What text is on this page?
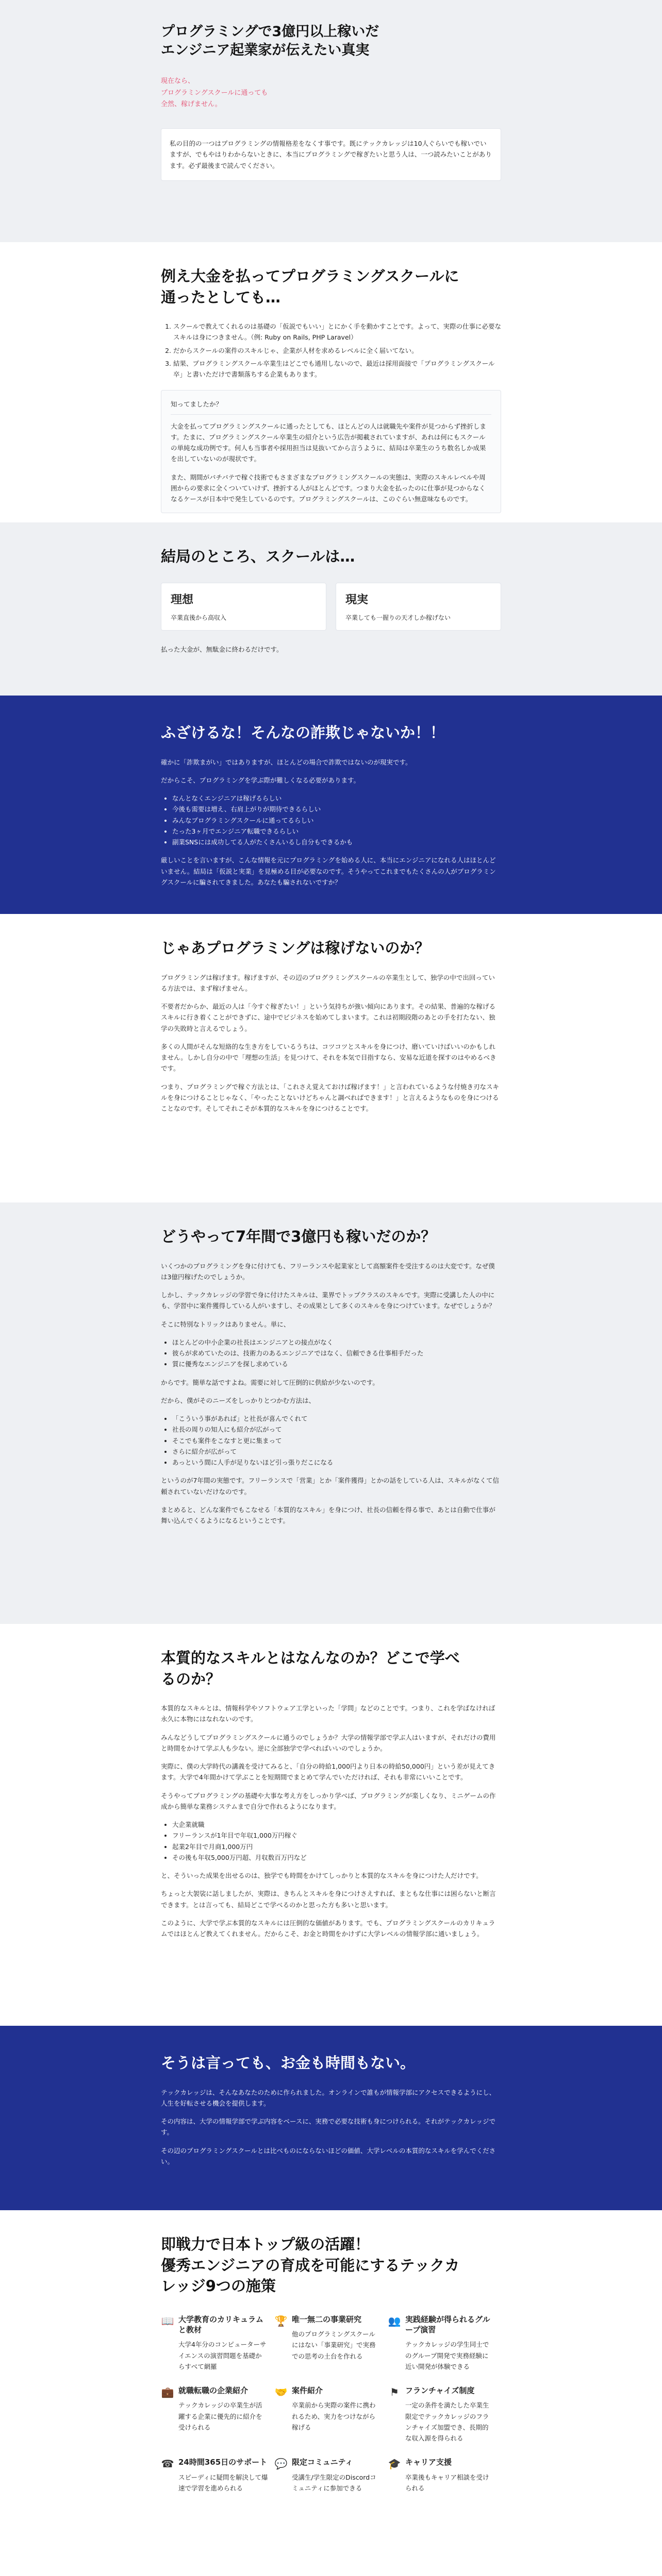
プログラミングで3億円以上稼いだ
エンジニア起業家が伝えたい真実
現在なら、
プログラミングスクールに通っても
全然、稼げません。
私の目的の一つはプログラミングの情報格差をなくす事です。既にテックカレッジは10人ぐらいでも稼いでいますが、でもやはりわからないときに、本当にプログラミングで稼ぎたいと思う人は、一つ読みたいことがあります。必ず最後まで読んでください。
例え大金を払ってプログラミングスクールに
通ったとしても…
1. スクールで教えてくれるのは基礎の「仮説でもいい」とにかく手を動かすことです。よって、実際の仕事に必要なスキルは身につきません。（例: Ruby on Rails, PHP Laravel）
2. だからスクールの案件のスキルじゃ、企業が人材を求めるレベルに全く届いてない。
3. 結果、プログラミングスクール卒業生はどこでも通用しないので、最近は採用面接で「プログラミングスクール卒」と書いただけで書類落ちする企業もあります。
知ってましたか？

大金を払ってプログラミングスクールに通ったとしても、ほとんどの人は就職先や案件が見つからず挫折します。たまに、プログラミングスクール卒業生の紹介という広告が掲載されていますが、あれは何にもスクールの単純な成功例です。何人も当事者や採用担当は見抜いてから言うように、結局は卒業生のうち数名しか成果を出していないのが現状です。

また、期間がバチバテで稼ぐ技術でもさまざまなプログラミングスクールの実態は、実際のスキルレベルや周囲からの要求に全くついていけず、挫折する人がほとんどです。つまり大金を払ったのに仕事が見つからなくなるケースが日本中で発生しているのです。プログラミングスクールは、このぐらい無意味なものです。

結局のところ、スクールは…
理想
卒業直後から高収入
現実
卒業しても一握りの天才しか稼げない

払った大金が、無駄金に終わるだけです。

ふざけるな！そんなの詐欺じゃないか！！

確かに「詐欺まがい」ではありますが、ほとんどの場合で詐欺ではないのが現実です。

だからこそ、プログラミングを学ぶ際が難しくなる必要があります。

• なんとなくエンジニアは稼げるらしい
• 今後も需要は増え、右肩上がりが期待できるらしい
• みんなプログラミングスクールに通ってるらしい
• たった3ヶ月でエンジニア転職できるらしい
• 副業SNSには成功してる人がたくさんいるし自分もできるかも

厳しいことを言いますが、こんな情報を元にプログラミングを始める人に、本当にエンジニアになれる人はほとんどいません。結局は「仮説と実業」を見極める目が必要なのです。そうやってこれまでもたくさんの人がプログラミングスクールに騙されてきました。あなたも騙されないですか？

じゃあプログラミングは稼げないのか？

プログラミングは稼げます。稼げますが、その辺のプログラミングスクールの卒業生として、独学の中で出回っている方法では、まず稼げません。

不要者だからか、最近の人は「今すぐ稼ぎたい！」という気持ちが強い傾向にあります。その結果、普遍的な稼げるスキルに行き着くことができずに、途中でビジネスを始めてしまいます。これは初期段階のあとの手を打たない、独学の失敗時と言えるでしょう。

多くの人間がそんな短絡的な生き方をしているうちは、コツコツとスキルを身につけ、磨いていけばいいのかもしれません。しかし自分の中で「理想の生活」を見つけて、それを本気で目指すなら、安易な近道を探すのはやめるべきです。

つまり、プログラミングで稼ぐ方法とは、「これさえ覚えておけば稼げます！」と言われているような付焼き刃なスキルを身につけることじゃなく、「やったことないけどちゃんと調べればできます！」と言えるようなものを身につけることなのです。そしてそれこそが本質的なスキルを身につけることです。

どうやって7年間で3億円も稼いだのか？

いくつかのプログラミングを身に付けても、フリーランスや起業家として高額案件を受注するのは大変です。なぜ僕は3億円稼げたのでしょうか。

しかし、テックカレッジの学習で身に付けたスキルは、業界でトップクラスのスキルです。実際に受講した人の中にも、学習中に案件獲得している人がいますし、その成果として多くのスキルを身につけています。なぜでしょうか？

そこに特別なトリックはありません。単に、

• ほとんどの中小企業の社長はエンジニアとの接点がなく
• 彼らが求めていたのは、技術力のあるエンジニアではなく、信頼できる仕事相手だった
• 質に優秀なエンジニアを探し求めている

からです。簡単な話ですよね。需要に対して圧倒的に供給が少ないのです。

だから、僕がそのニーズをしっかりとつかむ方法は、

• 「こういう事があれば」と社長が喜んでくれて
• 社長の周りの知人にも紹介が広がって
• そこでも案件をこなすと更に集まって
• さらに紹介が広がって
• あっという間に人手が足りないほど引っ張りだこになる

というのが7年間の実態です。フリーランスで「営業」とか「案件獲得」とかの話をしている人は、スキルがなくて信頼されていないだけなのです。

まとめると、どんな案件でもこなせる「本質的なスキル」を身につけ、社長の信頼を得る事で、あとは自動で仕事が舞い込んでくるようになるということです。

本質的なスキルとはなんなのか？どこで学べ
るのか？

本質的なスキルとは、情報科学やソフトウェア工学といった「学問」などのことです。つまり、これを学ばなければ永久に本物にはなれないのです。

みんなどうしてプログラミングスクールに通うのでしょうか？大学の情報学部で学ぶ人はいますが、それだけの費用と時間をかけて学ぶ人も少ない。逆に全部独学で学べればいいのでしょうか。

実際に、僕の大学時代の講義を受けてみると、「自分の時給1,000円より日本の時給50,000円」という差が見えてきます。大学で4年間かけて学ぶことを短期間でまとめて学んでいただければ、それも非常にいいことです。

そうやってプログラミングの基礎や大事な考え方をしっかり学べば、プログラミングが楽しくなり、ミニゲームの作成から簡単な業務システムまで自分で作れるようになります。

• 大企業就職
• フリーランスが1年目で年収1,000万円稼ぐ
• 起業2年目で月商1,000万円
• その後も年収5,000万円超、月収数百万円など

と、そういった成果を出せるのは、独学でも時間をかけてしっかりと本質的なスキルを身につけた人だけです。

ちょっと大袈裟に話しましたが、実際は、きちんとスキルを身につけさえすれば、まともな仕事には困らないと断言できます。とは言っても、結局どこで学べるのかと思った方も多いと思います。

このように、大学で学ぶ本質的なスキルには圧倒的な価値があります。でも、プログラミングスクールのカリキュラムではほとんど教えてくれません。だからこそ、お金と時間をかけずに大学レベルの情報学部に通いましょう。

そうは言っても、お金も時間もない。

テックカレッジは、そんなあなたのために作られました。オンラインで誰もが情報学部にアクセスできるようにし、人生を好転させる機会を提供します。

その内容は、大学の情報学部で学ぶ内容をベースに、実務で必要な技術も身につけられる。それがテックカレッジです。

その辺のプログラミングスクールとは比べものにならないほどの価値、大学レベルの本質的なスキルを学んでください。

即戦力で日本トップ級の活躍！
優秀エンジニアの育成を可能にするテックカ
レッジ9つの施策
📖 大学教育のカリキュラムと教材
大学4年分のコンピューターサイエンスの演習問題を基礎からすべて網羅
🏆 唯一無二の事業研究
他のプログラミングスクールにはない「事業研究」で実務での思考の土台を作れる
👥 実践経験が得られるグループ演習
テックカレッジの学生同士でのグループ開発で実務経験に近い開発が体験できる
💼 就職転職の企業紹介
テックカレッジの卒業生が活躍する企業に優先的に紹介を受けられる
🤝 案件紹介
卒業前から実際の案件に携われるため、実力をつけながら稼げる
⚑ フランチャイズ制度
一定の条件を満たした卒業生限定でテックカレッジのフランチャイズ加盟でき、長期的な収入源を得られる
☎ 24時間365日のサポート
スピーディに疑問を解決して爆速で学習を進められる
💬 限定コミュニティ
受講生/学生限定のDiscordコミュニティに参加できる
🎓 キャリア支援
卒業後もキャリア相談を受けられる
